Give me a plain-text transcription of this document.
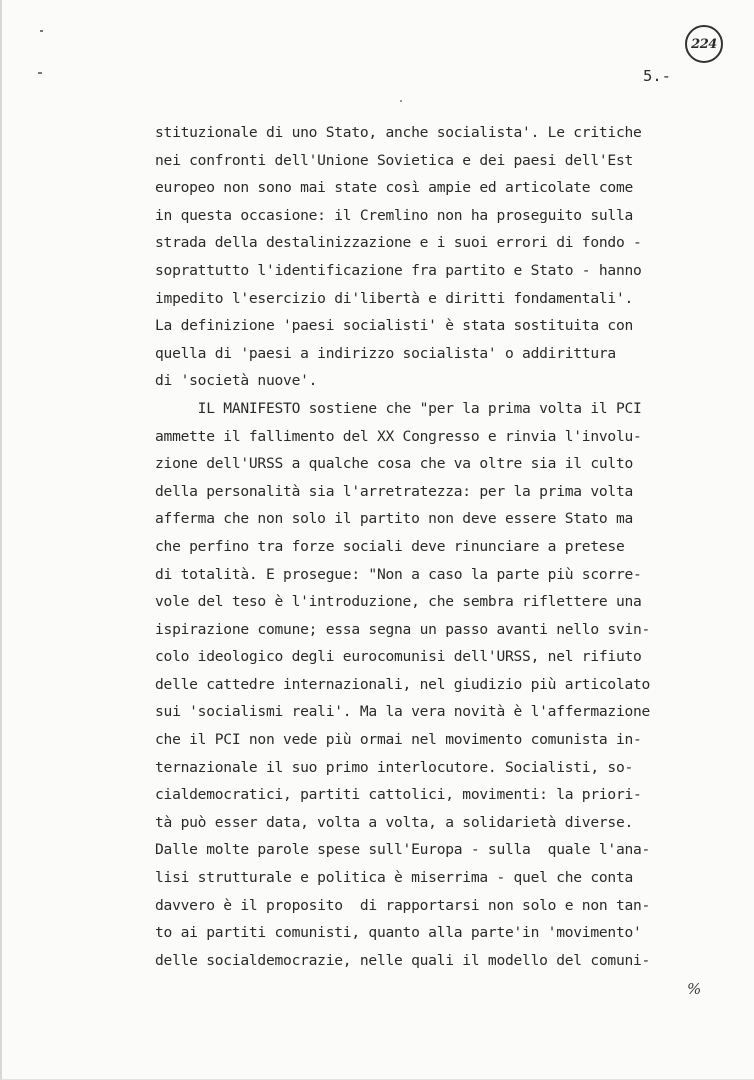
224
5.-
stituzionale di uno Stato, anche socialista'. Le critiche
nei confronti dell'Unione Sovietica e dei paesi dell'Est
europeo non sono mai state così ampie ed articolate come
in questa occasione: il Cremlino non ha proseguito sulla
strada della destalinizzazione e i suoi errori di fondo -
soprattutto l'identificazione fra partito e Stato - hanno
impedito l'esercizio di'libertà e diritti fondamentali'.
La definizione 'paesi socialisti' è stata sostituita con
quella di 'paesi a indirizzo socialista' o addirittura
di 'società nuove'.
IL MANIFESTO sostiene che "per la prima volta il PCI
ammette il fallimento del XX Congresso e rinvia l'involu-
zione dell'URSS a qualche cosa che va oltre sia il culto
della personalità sia l'arretratezza: per la prima volta
afferma che non solo il partito non deve essere Stato ma
che perfino tra forze sociali deve rinunciare a pretese
di totalità. E prosegue: "Non a caso la parte più scorre-
vole del teso è l'introduzione, che sembra riflettere una
ispirazione comune; essa segna un passo avanti nello svin-
colo ideologico degli eurocomunisi dell'URSS, nel rifiuto
delle cattedre internazionali, nel giudizio più articolato
sui 'socialismi reali'. Ma la vera novità è l'affermazione
che il PCI non vede più ormai nel movimento comunista in-
ternazionale il suo primo interlocutore. Socialisti, so-
cialdemocratici, partiti cattolici, movimenti: la priori-
tà può esser data, volta a volta, a solidarietà diverse.
Dalle molte parole spese sull'Europa - sulla  quale l'ana-
lisi strutturale e politica è miserrima - quel che conta
davvero è il proposito  di rapportarsi non solo e non tan-
to ai partiti comunisti, quanto alla parte'in 'movimento'
delle socialdemocrazie, nelle quali il modello del comuni-
%
